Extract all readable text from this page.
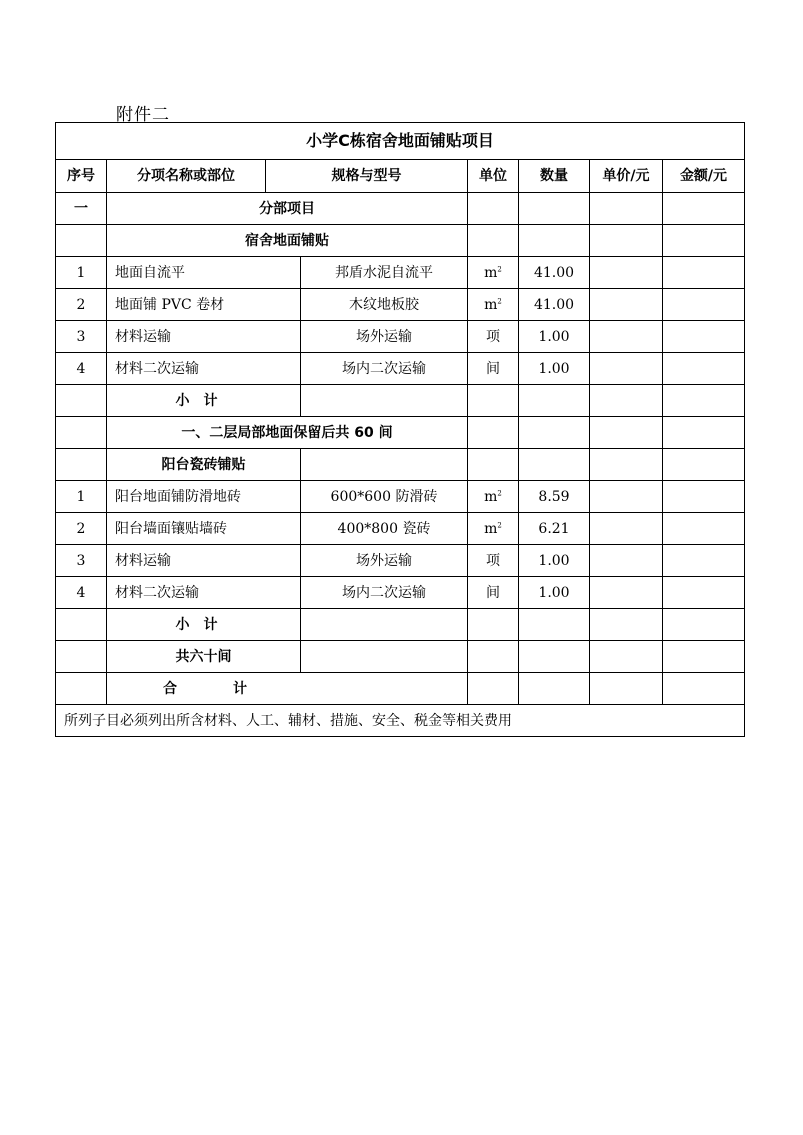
附件二
小学C栋宿舍地面铺贴项目							
序号	分项名称或部位	规格与型号		单位	数量	单价/元	金额/元
一	分部项目						
	宿舍地面铺贴						
1	地面自流平		邦盾水泥自流平	$m^2$	41.00		
2	地面铺 PVC 卷材		木纹地板胶	$m^2$	41.00		
3	材料运输		场外运输	项	1.00		
4	材料二次运输		场内二次运输	间	1.00		
	小计						
	一、二层局部地面保留后共 60 间						
	阳台瓷砖铺贴						
1	阳台地面铺防滑地砖		600*600 防滑砖	$m^2$	8.59		
2	阳台墙面镶贴墙砖		400*800 瓷砖	$m^2$	6.21		
3	材料运输		场外运输	项	1.00		
4	材料二次运输		场内二次运输	间	1.00		
	小计						
	共六十间						
	合计						
所列子目必须列出所含材料、人工、辅材、措施、安全、税金等相关费用							
